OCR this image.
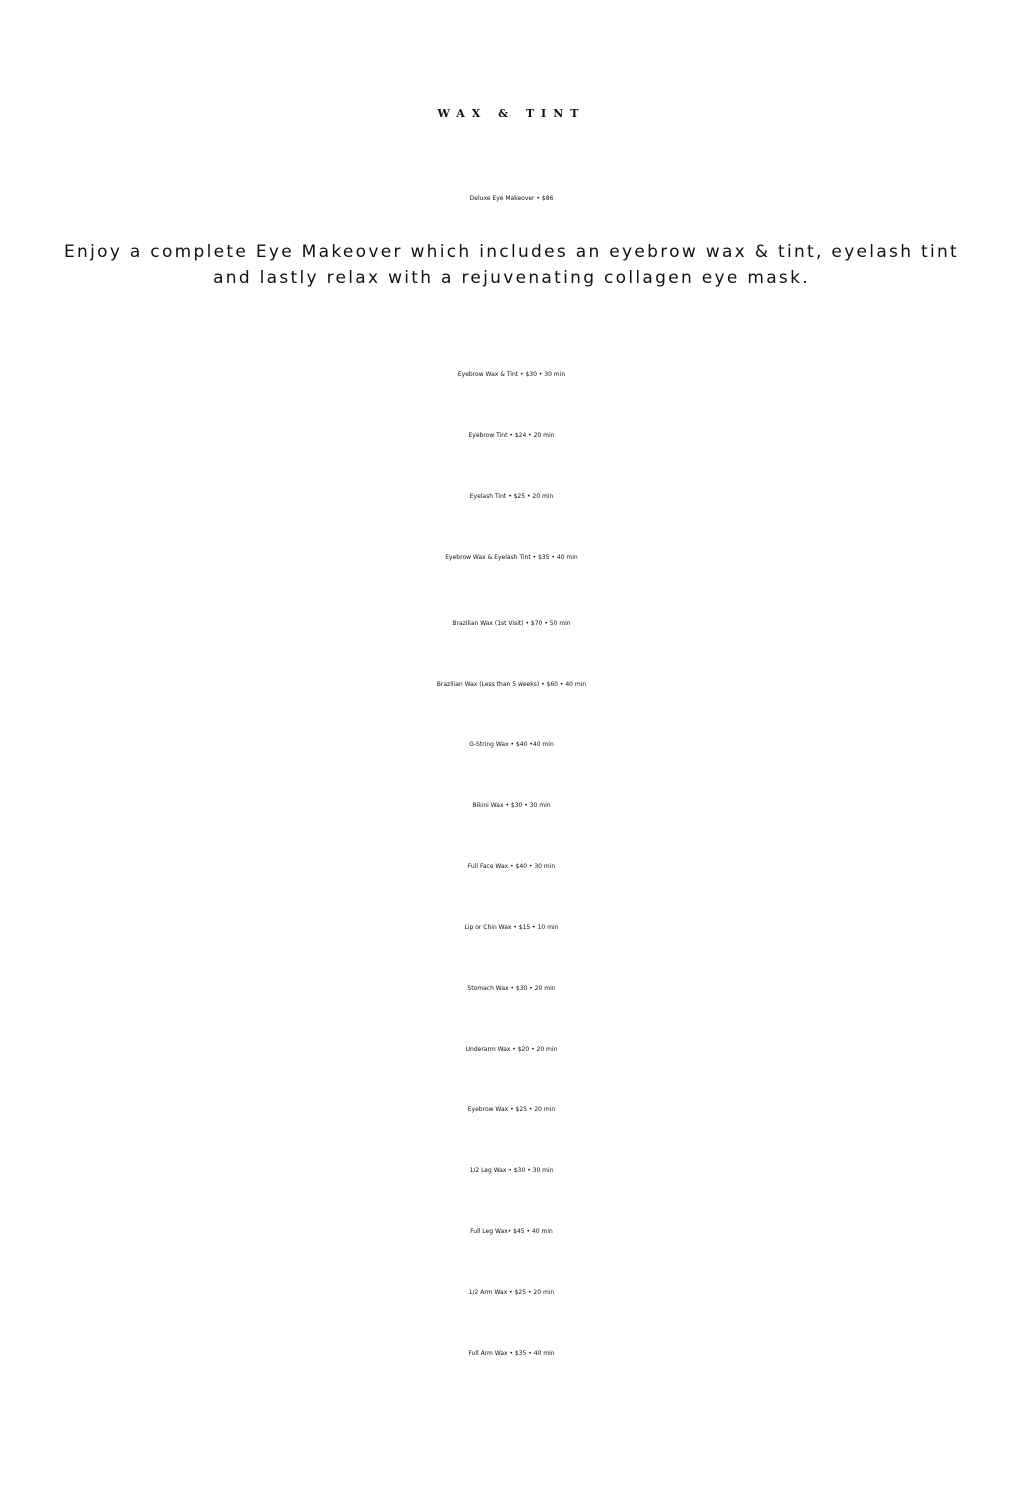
WAX & TINT
Deluxe Eye Makeover • $86
Enjoy a complete Eye Makeover which includes an eyebrow wax & tint, eyelash tint and lastly relax with a rejuvenating collagen eye mask.
Eyebrow Wax & Tint • $30 • 30 min
Eyebrow Tint • $24 • 20 min
Eyelash Tint • $25 • 20 min
Eyebrow Wax & Eyelash Tint • $35 • 40 min
Brazilian Wax (1st Visit) • $70 • 50 min
Brazilian Wax (Less than 5 weeks) • $60 • 40 min
G-String Wax • $40 •40 min
Bikini Wax • $30 • 30 min
Full Face Wax • $40 • 30 min
Lip or Chin Wax • $15 • 10 min
Stomach Wax • $30 • 20 min
Underarm Wax • $20 • 20 min
Eyebrow Wax • $25 • 20 min
1/2 Leg Wax • $30 • 30 min
Full Leg Wax• $45 • 40 min
1/2 Arm Wax • $25 • 20 min
Full Arm Wax • $35 • 40 min
